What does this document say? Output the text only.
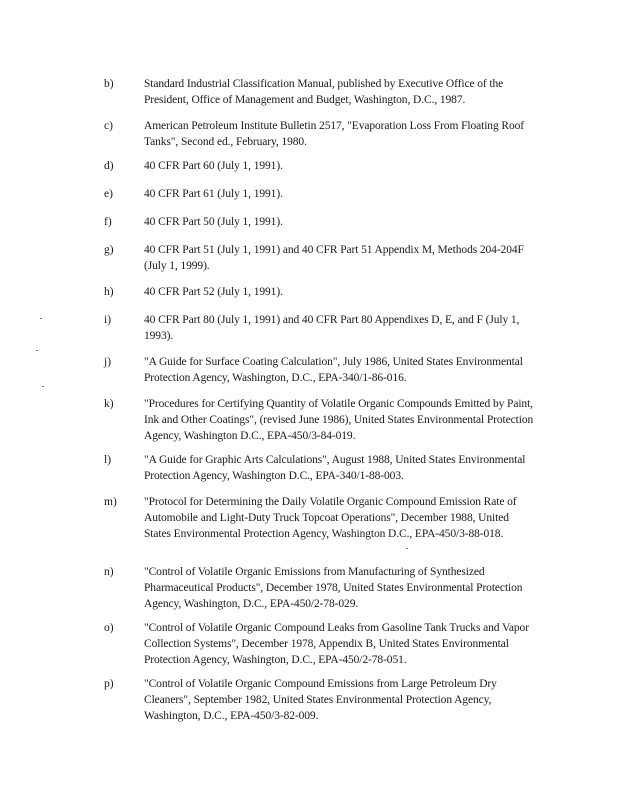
b)	Standard Industrial Classification Manual, published by Executive Office of the President, Office of Management and Budget, Washington, D.C., 1987.
c)	American Petroleum Institute Bulletin 2517, "Evaporation Loss From Floating Roof Tanks", Second ed., February, 1980.
d)	40 CFR Part 60 (July 1, 1991).
e)	40 CFR Part 61 (July 1, 1991).
f)	40 CFR Part 50 (July 1, 1991).
g)	40 CFR Part 51 (July 1, 1991) and 40 CFR Part 51 Appendix M, Methods 204-204F (July 1, 1999).
h)	40 CFR Part 52 (July 1, 1991).
i)	40 CFR Part 80 (July 1, 1991) and 40 CFR Part 80 Appendixes D, E, and F (July 1, 1993).
j)	"A Guide for Surface Coating Calculation", July 1986, United States Environmental Protection Agency, Washington, D.C., EPA-340/1-86-016.
k)	"Procedures for Certifying Quantity of Volatile Organic Compounds Emitted by Paint, Ink and Other Coatings", (revised June 1986), United States Environmental Protection Agency, Washington D.C., EPA-450/3-84-019.
l)	"A Guide for Graphic Arts Calculations", August 1988, United States Environmental Protection Agency, Washington D.C., EPA-340/1-88-003.
m) "Protocol for Determining the Daily Volatile Organic Compound Emission Rate of Automobile and Light-Duty Truck Topcoat Operations", December 1988, United States Environmental Protection Agency, Washington D.C., EPA-450/3-88-018.
n)	"Control of Volatile Organic Emissions from Manufacturing of Synthesized Pharmaceutical Products", December 1978, United States Environmental Protection Agency, Washington, D.C., EPA-450/2-78-029.
o)	"Control of Volatile Organic Compound Leaks from Gasoline Tank Trucks and Vapor Collection Systems", December 1978, Appendix B, United States Environmental Protection Agency, Washington, D.C., EPA-450/2-78-051.
p)	"Control of Volatile Organic Compound Emissions from Large Petroleum Dry Cleaners", September 1982, United States Environmental Protection Agency, Washington, D.C., EPA-450/3-82-009.
